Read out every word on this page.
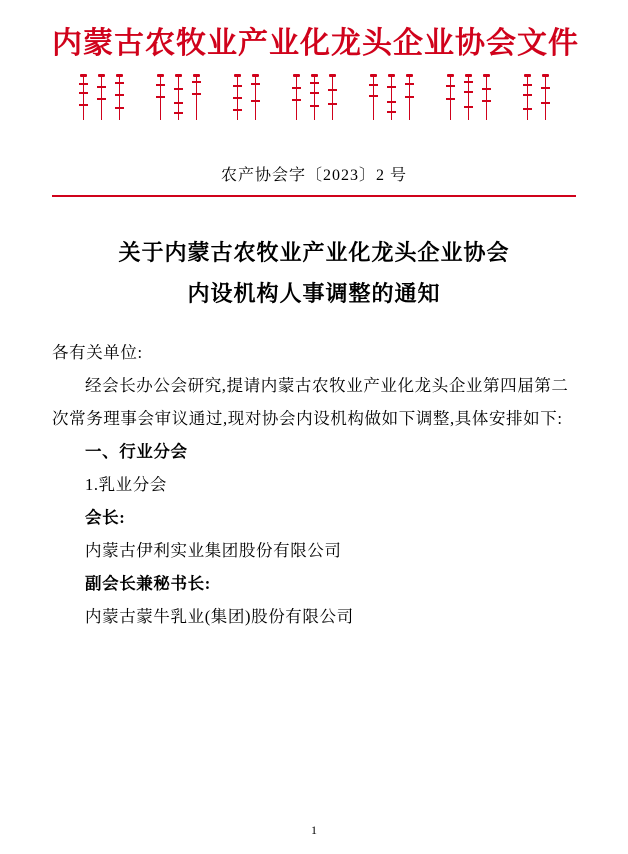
内蒙古农牧业产业化龙头企业协会文件
农产协会字〔2023〕2 号
关于内蒙古农牧业产业化龙头企业协会
内设机构人事调整的通知
各有关单位:
经会长办公会研究,提请内蒙古农牧业产业化龙头企业第四届第二次常务理事会审议通过,现对协会内设机构做如下调整,具体安排如下:
一、行业分会
1.乳业分会
会长:
内蒙古伊利实业集团股份有限公司
副会长兼秘书长:
内蒙古蒙牛乳业(集团)股份有限公司
1
